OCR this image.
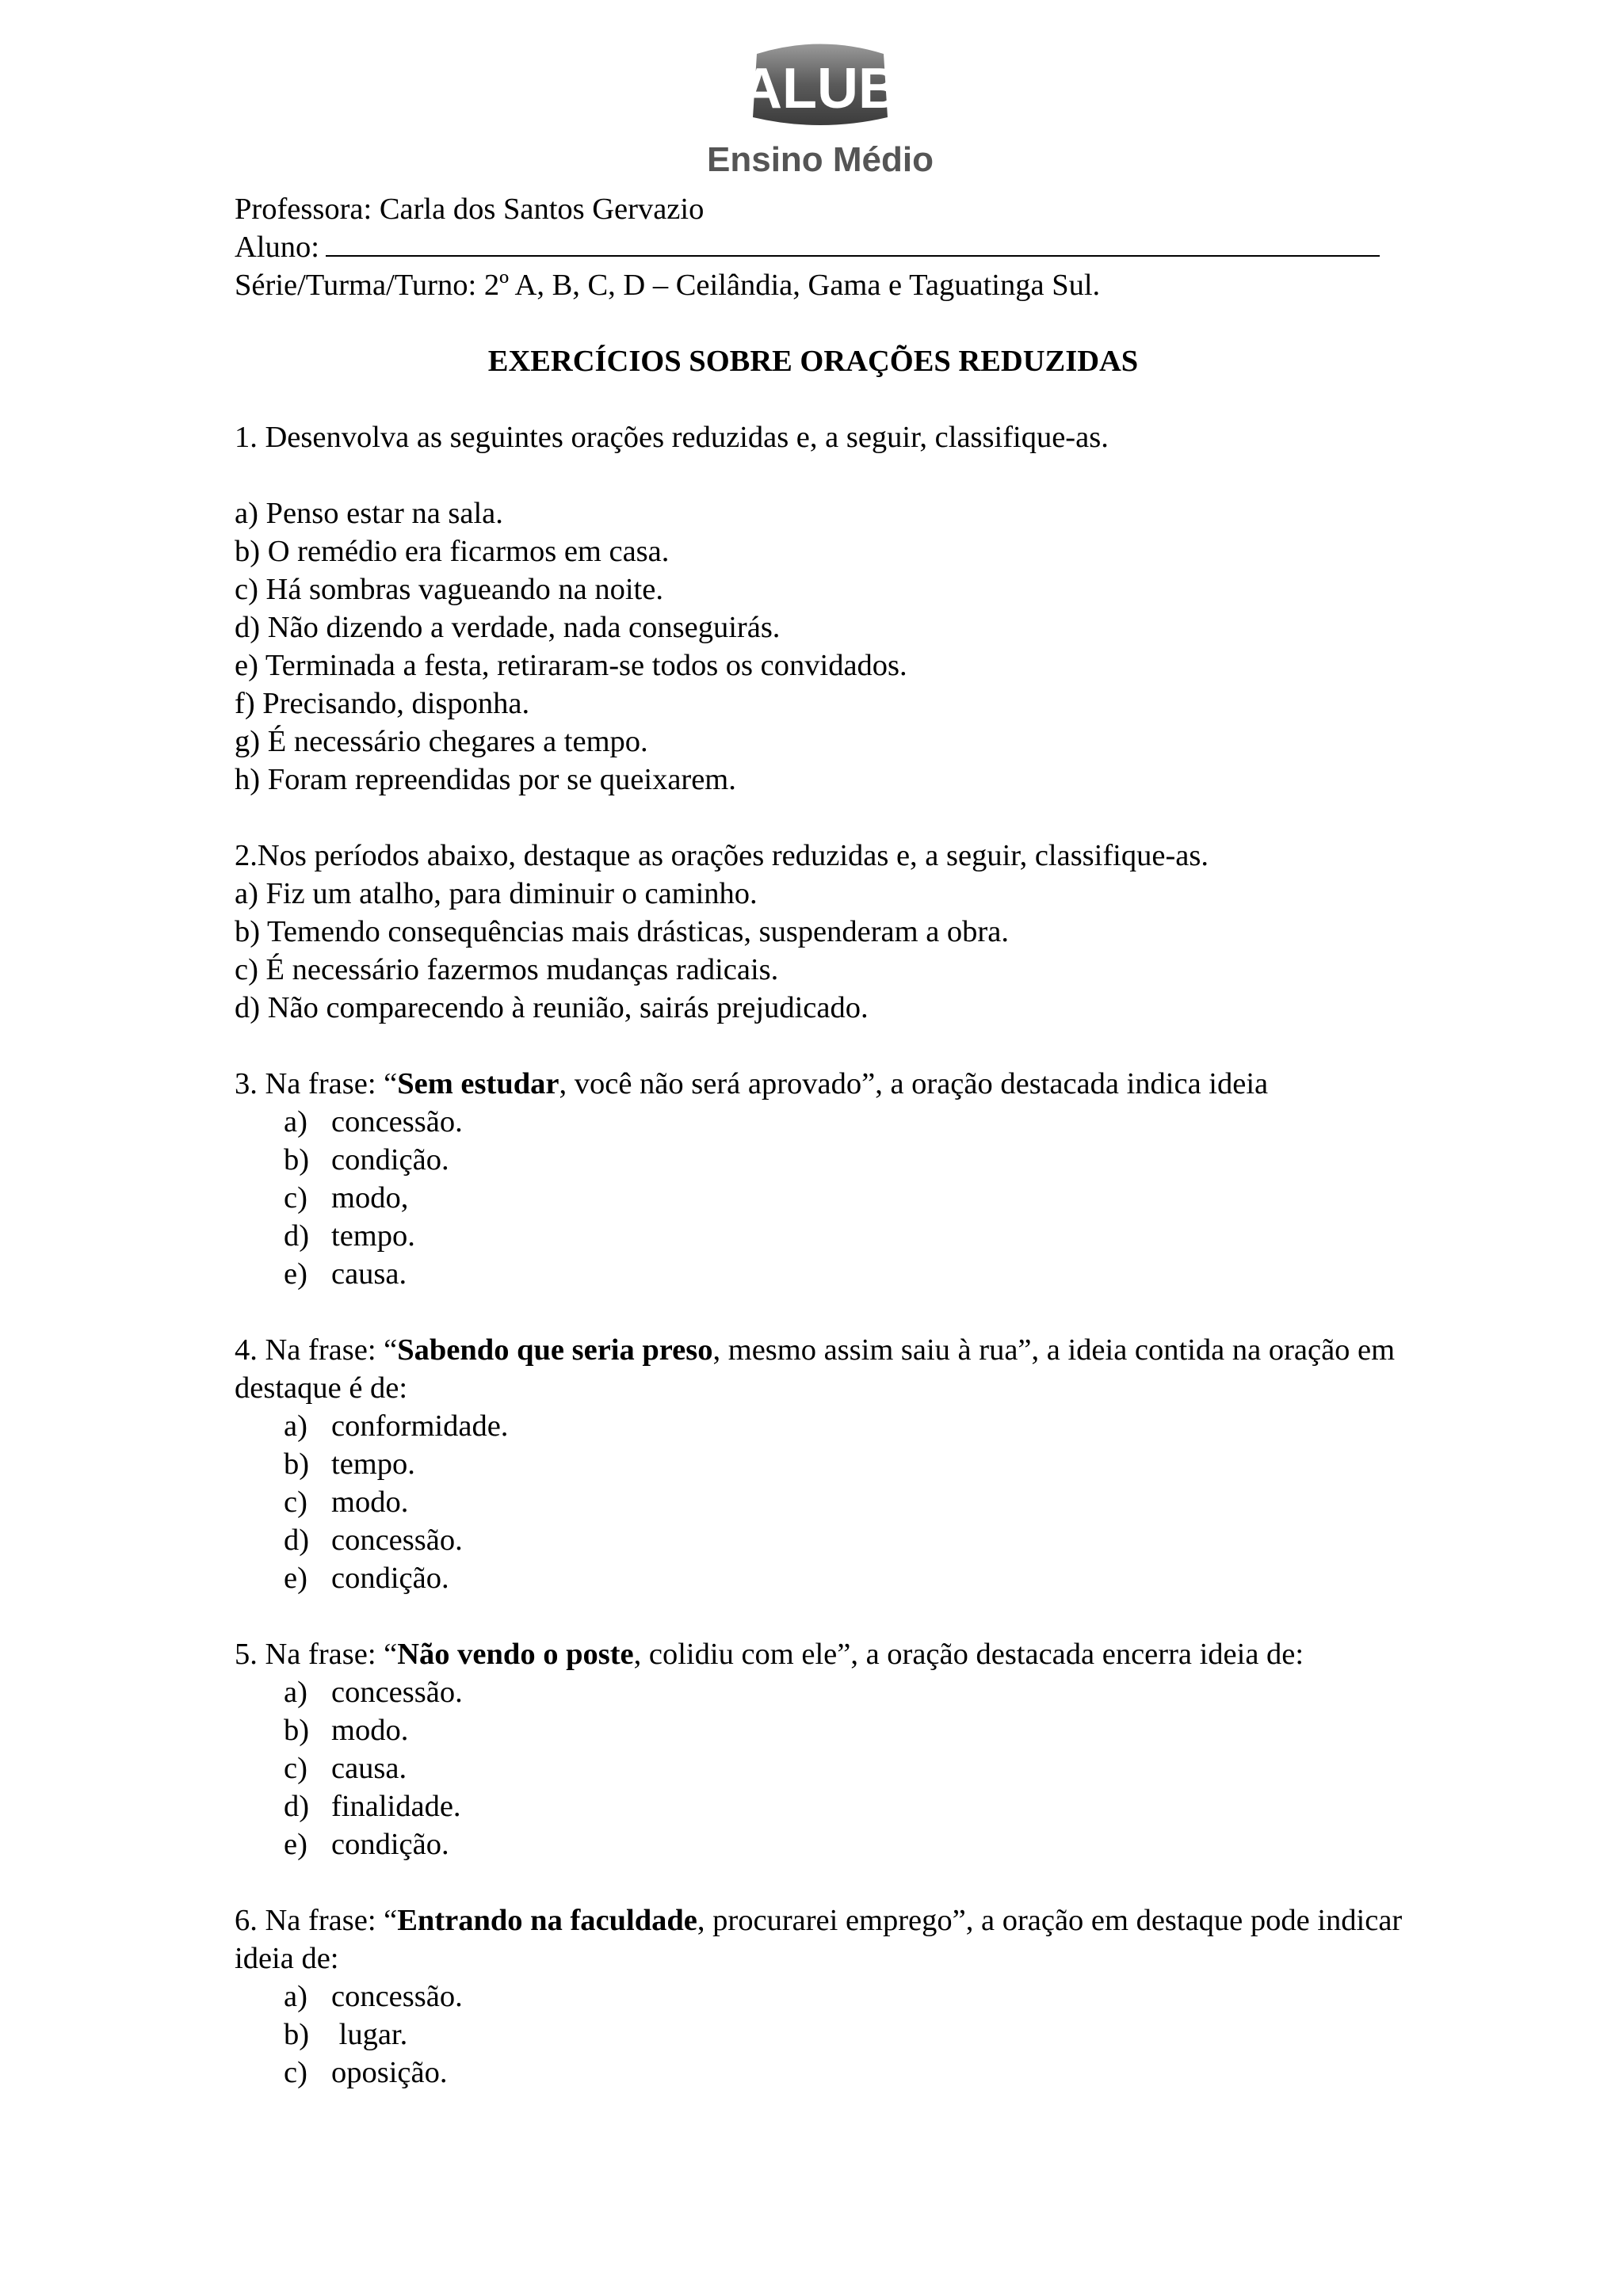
ALUB
Ensino Médio
Professora: Carla dos Santos Gervazio
Aluno:
Série/Turma/Turno: 2º A, B, C, D – Ceilândia, Gama e Taguatinga Sul.
EXERCÍCIOS SOBRE ORAÇÕES REDUZIDAS
1. Desenvolva as seguintes orações reduzidas e, a seguir, classifique-as.
a) Penso estar na sala.
b) O remédio era ficarmos em casa.
c) Há sombras vagueando na noite.
d) Não dizendo a verdade, nada conseguirás.
e) Terminada a festa, retiraram-se todos os convidados.
f) Precisando, disponha.
g) É necessário chegares a tempo.
h) Foram repreendidas por se queixarem.
2.Nos períodos abaixo, destaque as orações reduzidas e, a seguir, classifique-as.
a) Fiz um atalho, para diminuir o caminho.
b) Temendo consequências mais drásticas, suspenderam a obra.
c) É necessário fazermos mudanças radicais.
d) Não comparecendo à reunião, sairás prejudicado.
3. Na frase: “Sem estudar, você não será aprovado”, a oração destacada indica ideia
a) concessão.
b) condição.
c) modo,
d) tempo.
e) causa.
4. Na frase: “Sabendo que seria preso, mesmo assim saiu à rua”, a ideia contida na oração em destaque é de:
a) conformidade.
b) tempo.
c) modo.
d) concessão.
e) condição.
5. Na frase: “Não vendo o poste, colidiu com ele”, a oração destacada encerra ideia de:
a) concessão.
b) modo.
c) causa.
d) finalidade.
e) condição.
6. Na frase: “Entrando na faculdade, procurarei emprego”, a oração em destaque pode indicar ideia de:
a) concessão.
b) lugar.
c) oposição.
